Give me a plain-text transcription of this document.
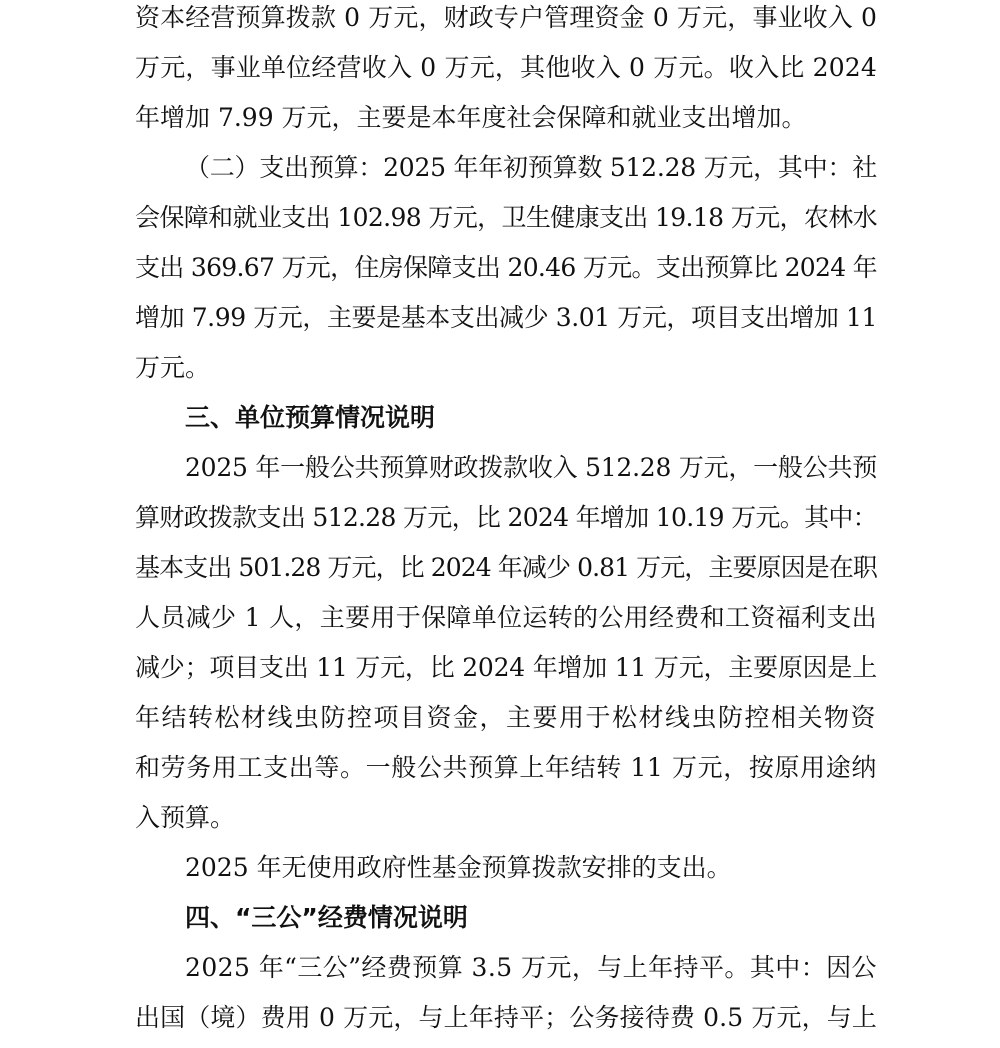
资本经营预算拨款 0 万元，财政专户管理资金 0 万元，事业收入 0
万元，事业单位经营收入 0 万元，其他收入 0 万元。收入比 2024
年增加 7.99 万元，主要是本年度社会保障和就业支出增加。
（二）支出预算：2025 年年初预算数 512.28 万元，其中：社
会保障和就业支出 102.98 万元，卫生健康支出 19.18 万元，农林水
支出 369.67 万元，住房保障支出 20.46 万元。支出预算比 2024 年
增加 7.99 万元，主要是基本支出减少 3.01 万元，项目支出增加 11
万元。
三、单位预算情况说明
2025 年一般公共预算财政拨款收入 512.28 万元，一般公共预
算财政拨款支出 512.28 万元，比 2024 年增加 10.19 万元。其中：
基本支出 501.28 万元，比 2024 年减少 0.81 万元，主要原因是在职
人员减少 1 人，主要用于保障单位运转的公用经费和工资福利支出
减少；项目支出 11 万元，比 2024 年增加 11 万元，主要原因是上
年结转松材线虫防控项目资金，主要用于松材线虫防控相关物资
和劳务用工支出等。一般公共预算上年结转 11 万元，按原用途纳
入预算。
2025 年无使用政府性基金预算拨款安排的支出。
四、“三公”经费情况说明
2025 年“三公”经费预算 3.5 万元，与上年持平。其中：因公
出国（境）费用 0 万元，与上年持平；公务接待费 0.5 万元，与上
